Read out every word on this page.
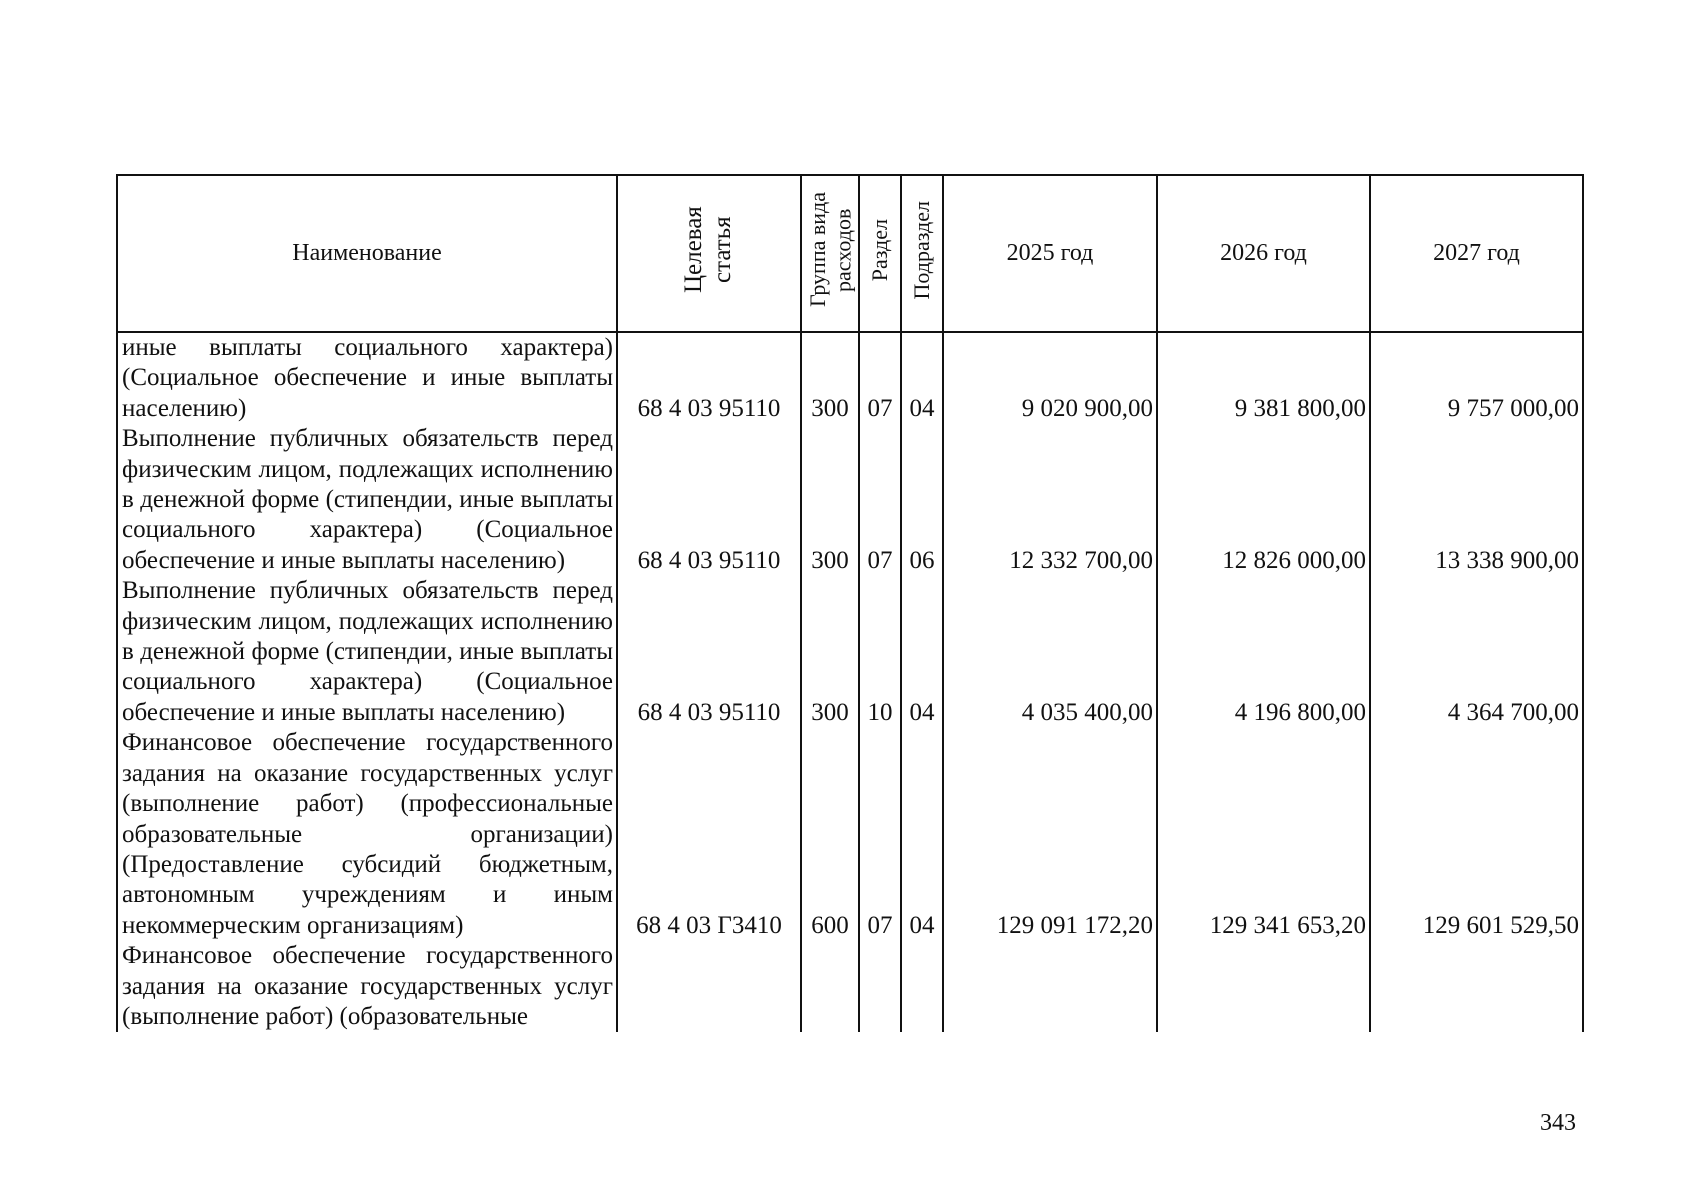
Наименование	Целевая статья	Группа вида расходов	Раздел	Подраздел	2025 год	2026 год	2027 год
иные выплаты социального характера) (Социальное обеспечение и иные выплаты населению)	68 4 03 95110	300	07	04	9 020 900,00	9 381 800,00	9 757 000,00
Выполнение публичных обязательств перед физическим лицом, подлежащих исполнению в денежной форме (стипендии, иные выплаты социального характера) (Социальное обеспечение и иные выплаты населению)	68 4 03 95110	300	07	06	12 332 700,00	12 826 000,00	13 338 900,00
Выполнение публичных обязательств перед физическим лицом, подлежащих исполнению в денежной форме (стипендии, иные выплаты социального характера) (Социальное обеспечение и иные выплаты населению)	68 4 03 95110	300	10	04	4 035 400,00	4 196 800,00	4 364 700,00
Финансовое обеспечение государственного задания на оказание государственных услуг (выполнение работ) (профессиональные образовательные организации) (Предоставление субсидий бюджетным, автономным учреждениям и иным некоммерческим организациям)	68 4 03 Г3410	600	07	04	129 091 172,20	129 341 653,20	129 601 529,50
Финансовое обеспечение государственного задания на оказание государственных услуг (выполнение работ) (образовательные							
343
